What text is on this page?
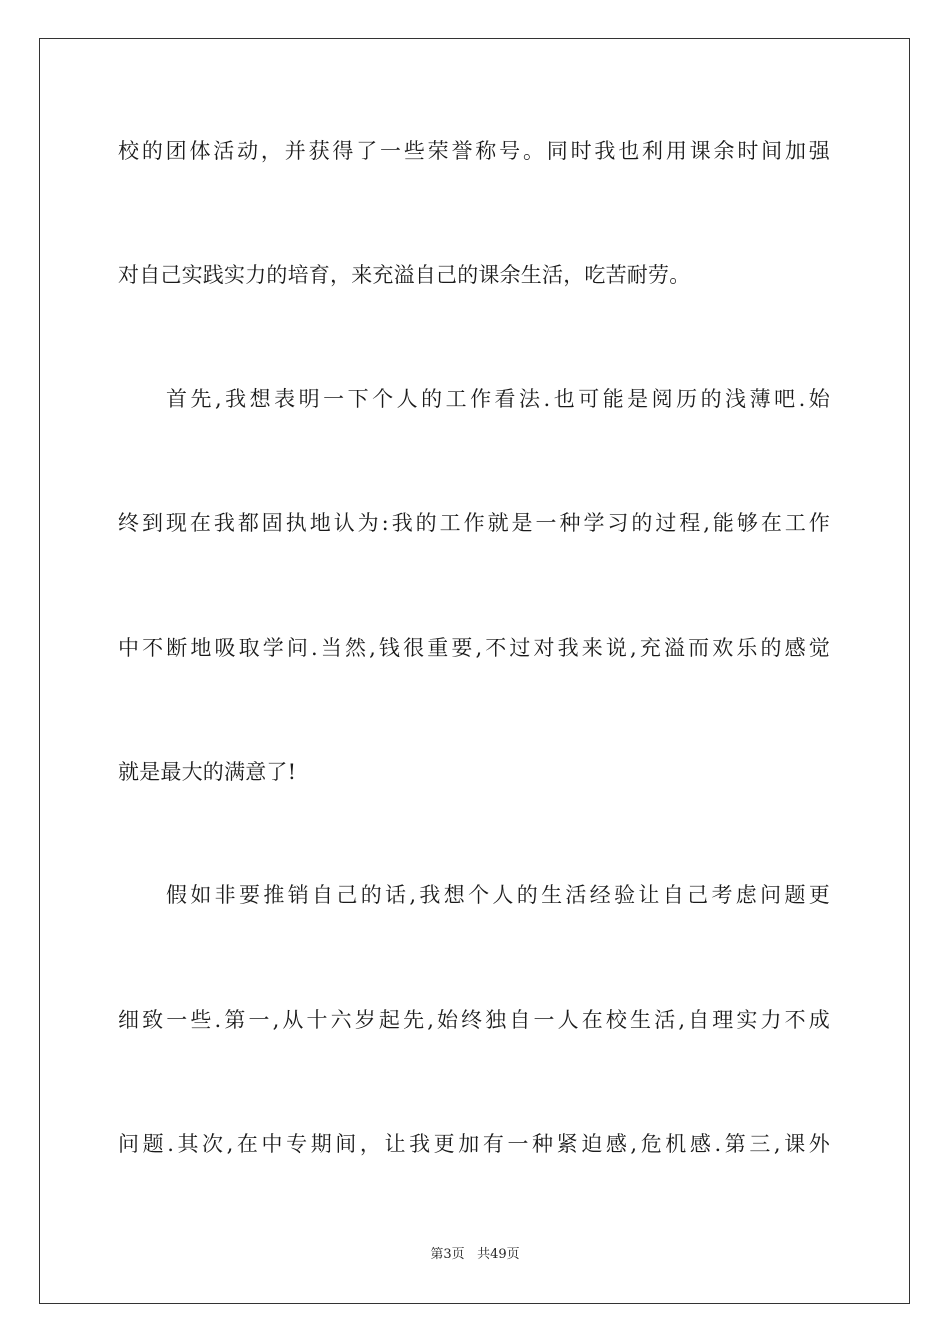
校的团体活动，并获得了一些荣誉称号。同时我也利用课余时间加强
对自己实践实力的培育，来充溢自己的课余生活，吃苦耐劳。
首先,我想表明一下个人的工作看法.也可能是阅历的浅薄吧.始
终到现在我都固执地认为:我的工作就是一种学习的过程,能够在工作
中不断地吸取学问.当然,钱很重要,不过对我来说,充溢而欢乐的感觉
就是最大的满意了!
假如非要推销自己的话,我想个人的生活经验让自己考虑问题更
细致一些.第一,从十六岁起先,始终独自一人在校生活,自理实力不成
问题.其次,在中专期间，让我更加有一种紧迫感,危机感.第三,课外
第3页 共49页
